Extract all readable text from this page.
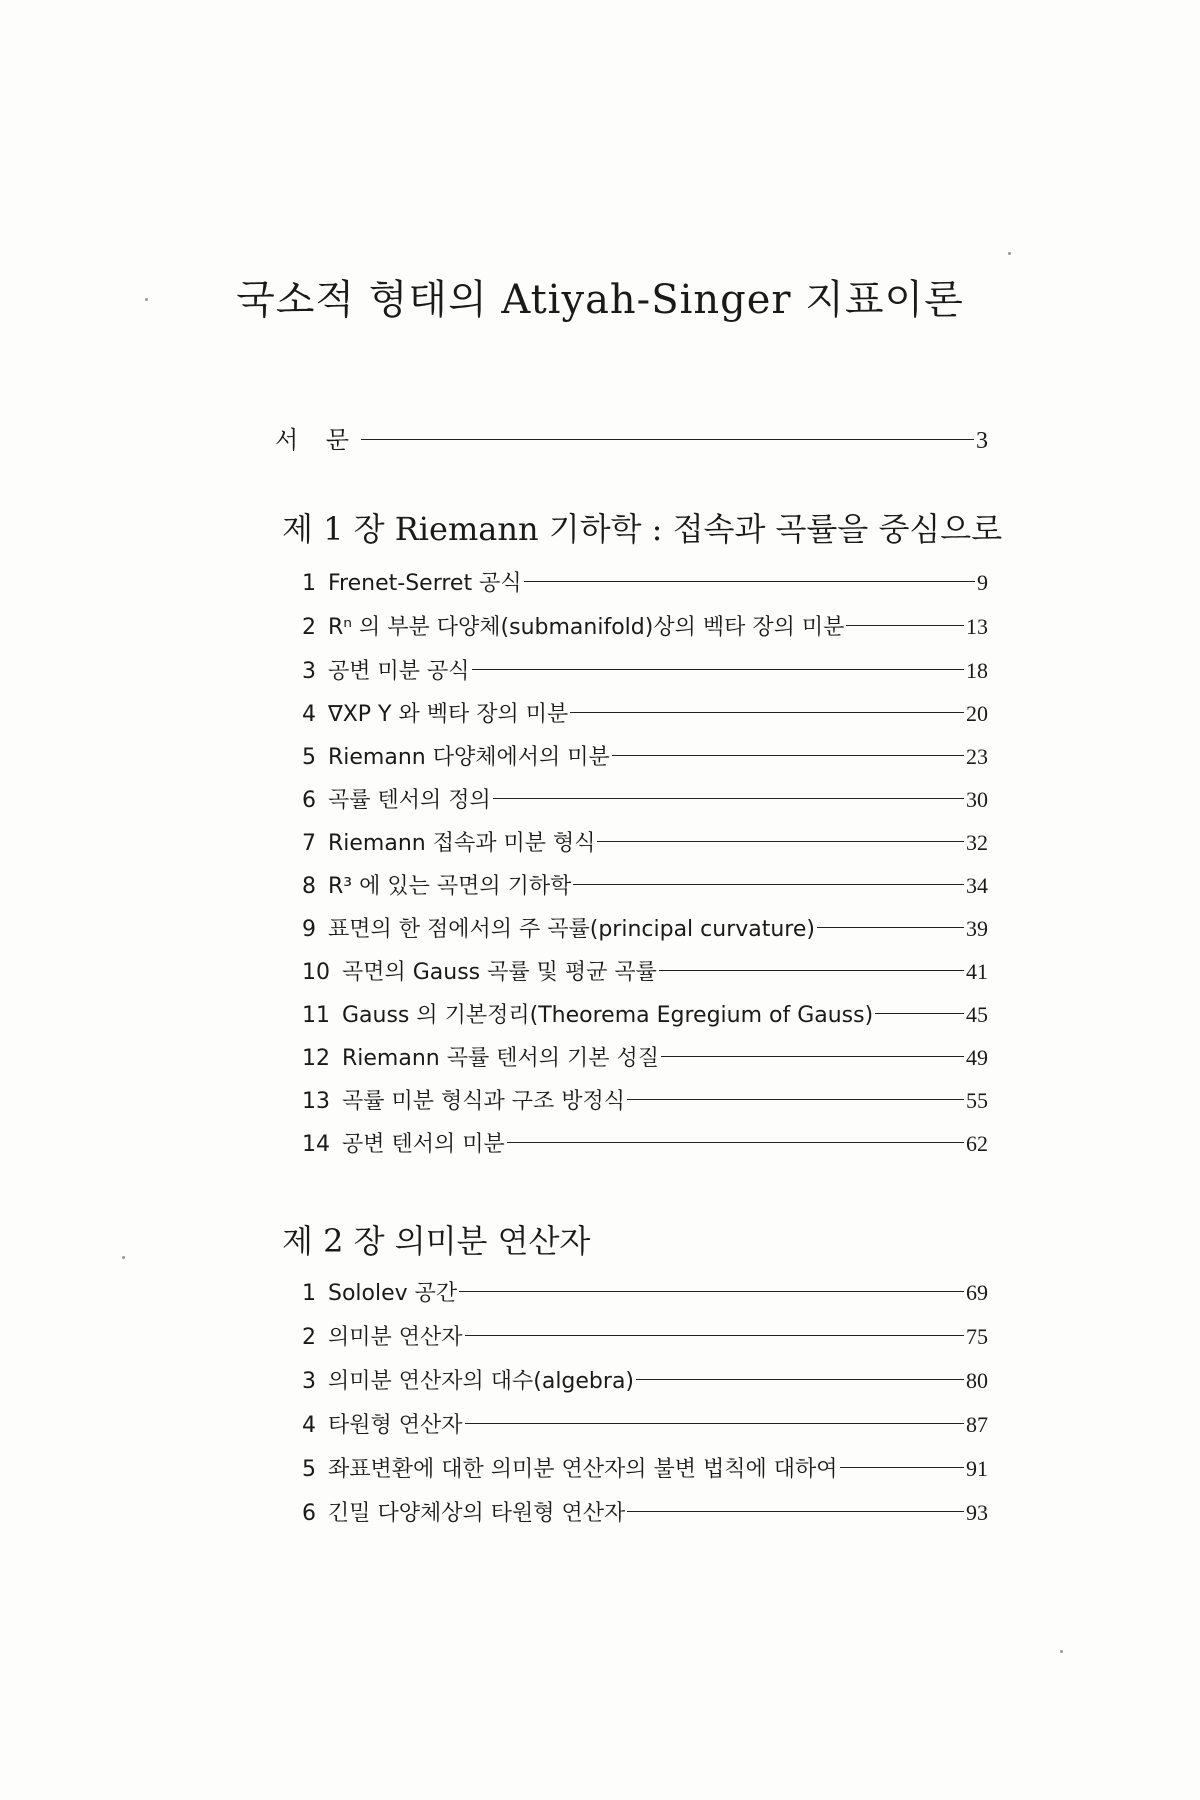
국소적 형태의 Atiyah-Singer 지표이론
서 문	3
제 1 장 Riemann 기하학 : 접속과 곡률을 중심으로
1 Frenet-Serret 공식	9
2 Rⁿ 의 부분 다양체(submanifold)상의 벡타 장의 미분	13
3 공변 미분 공식	18
4 ∇XP Y 와 벡타 장의 미분	20
5 Riemann 다양체에서의 미분	23
6 곡률 텐서의 정의	30
7 Riemann 접속과 미분 형식	32
8 R³ 에 있는 곡면의 기하학	34
9 표면의 한 점에서의 주 곡률(principal curvature)	39
10 곡면의 Gauss 곡률 및 평균 곡률	41
11 Gauss 의 기본정리(Theorema Egregium of Gauss)	45
12 Riemann 곡률 텐서의 기본 성질	49
13 곡률 미분 형식과 구조 방정식	55
14 공변 텐서의 미분	62
제 2 장 의미분 연산자
1 Sololev 공간	69
2 의미분 연산자	75
3 의미분 연산자의 대수(algebra)	80
4 타원형 연산자	87
5 좌표변환에 대한 의미분 연산자의 불변 법칙에 대하여	91
6 긴밀 다양체상의 타원형 연산자	93
